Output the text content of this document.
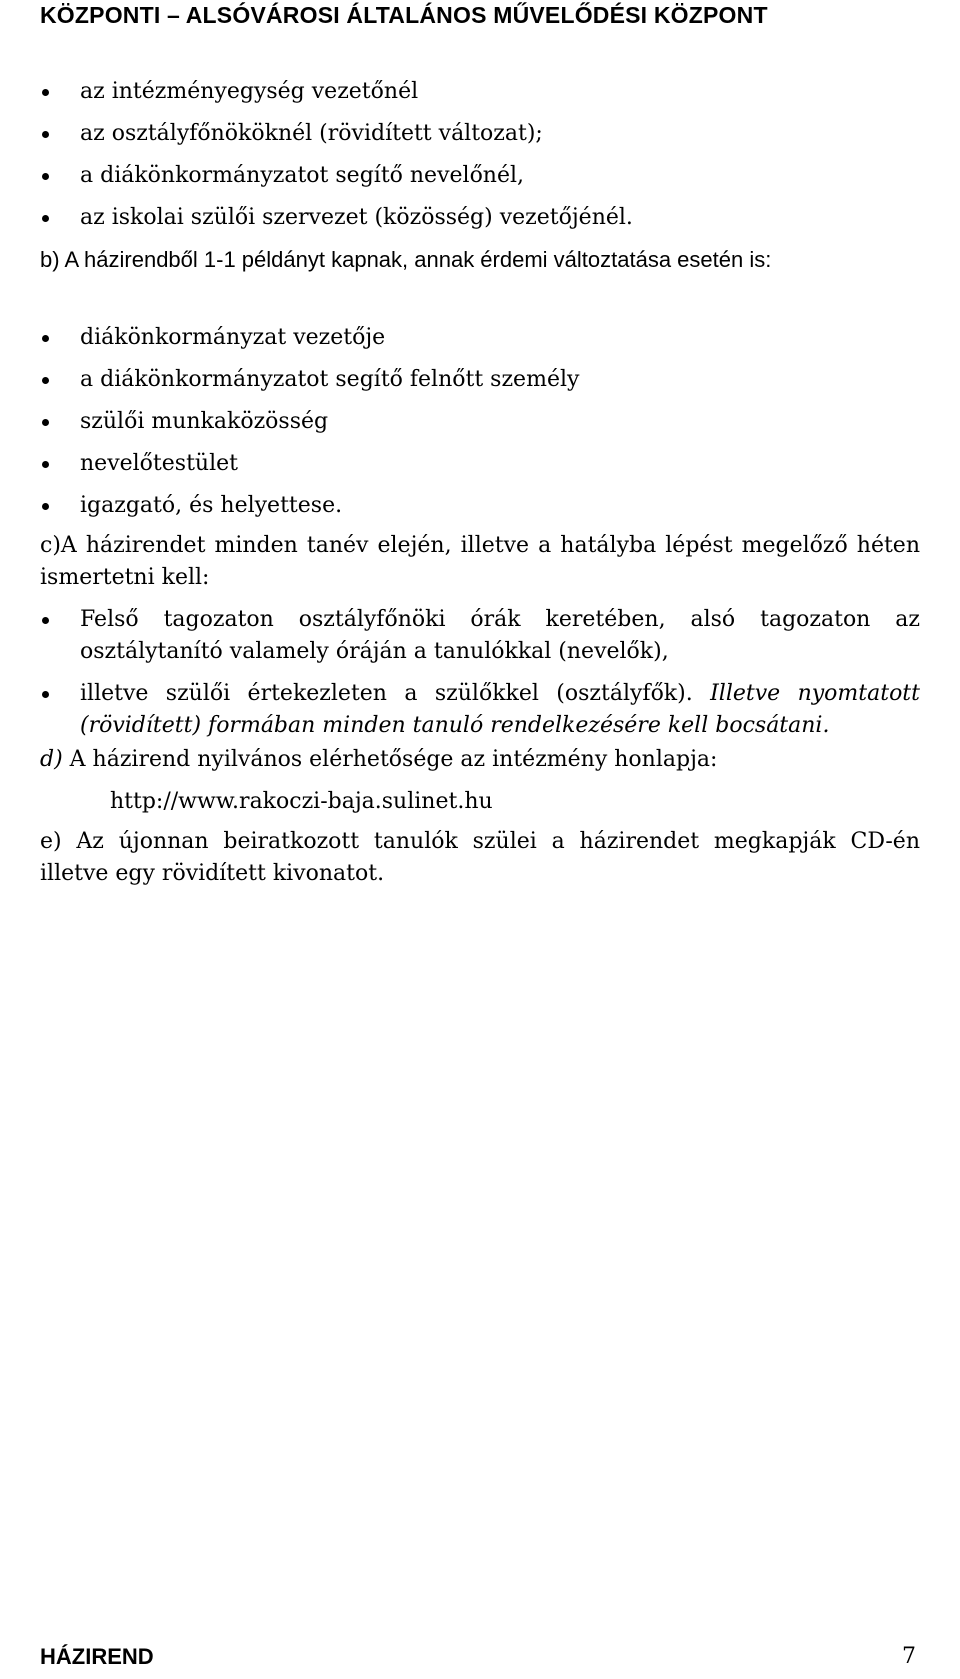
KÖZPONTI – ALSÓVÁROSI ÁLTALÁNOS MŰVELŐDÉSI KÖZPONT
az intézményegység vezetőnél
az osztályfőnököknél (rövidített változat);
a diákönkormányzatot segítő nevelőnél,
az iskolai szülői szervezet (közösség) vezetőjénél.
b) A házirendből 1-1 példányt kapnak, annak érdemi változtatása esetén is:
diákönkormányzat vezetője
a diákönkormányzatot segítő felnőtt személy
szülői munkaközösség
nevelőtestület
igazgató, és helyettese.
c)A házirendet minden tanév elején, illetve a hatályba lépést megelőző héten ismertetni kell:
Felső tagozaton osztályfőnöki órák keretében, alsó tagozaton az osztálytanító valamely óráján a tanulókkal (nevelők),
illetve szülői értekezleten a szülőkkel (osztályfők). Illetve nyomtatott (rövidített) formában minden tanuló rendelkezésére kell bocsátani.
d) A házirend nyilvános elérhetősége az intézmény honlapja:
http://www.rakoczi-baja.sulinet.hu
e) Az újonnan beiratkozott tanulók szülei a házirendet megkapják CD-én illetve egy rövidített kivonatot.
HÁZIREND	7
